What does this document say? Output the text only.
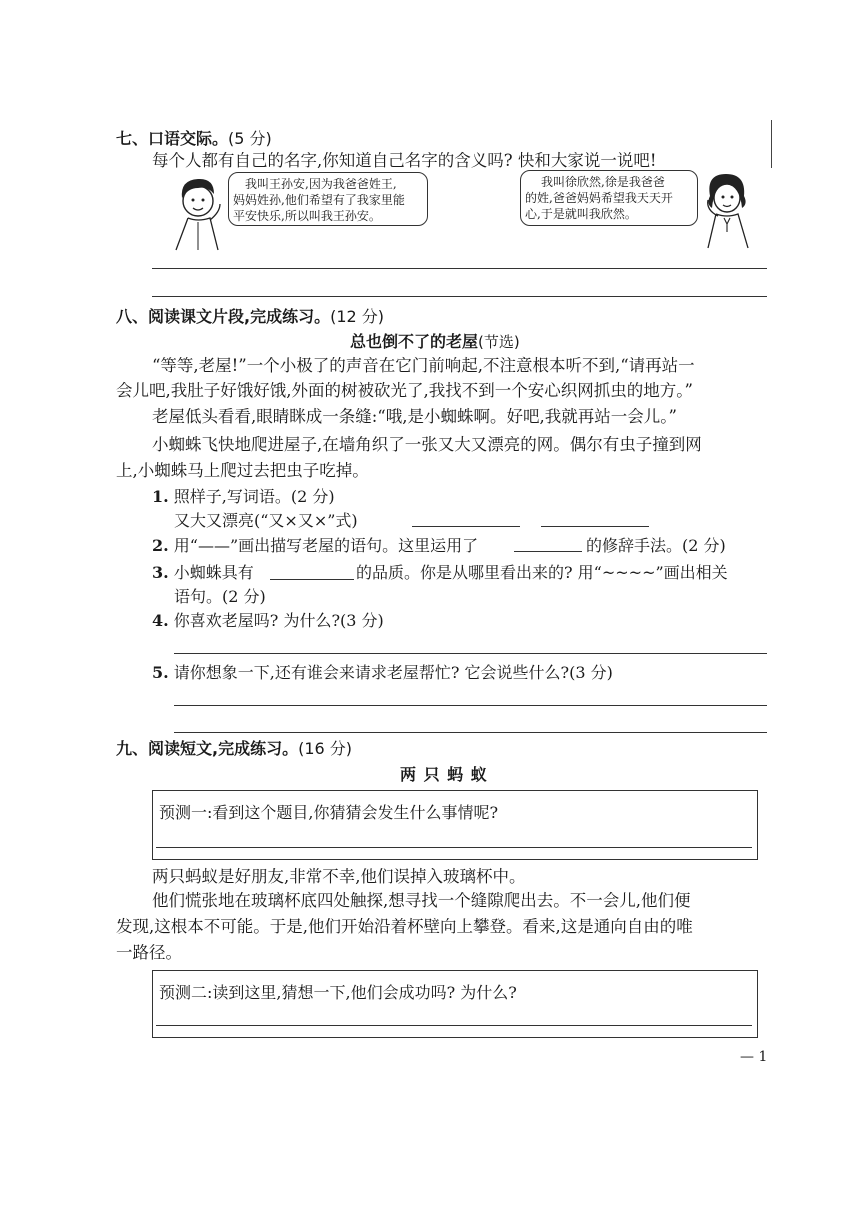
七、口语交际。(5 分)
每个人都有自己的名字,你知道自己名字的含义吗? 快和大家说一说吧!
我叫王孙安,因为我爸爸姓王,
妈妈姓孙,他们希望有了我家里能
平安快乐,所以叫我王孙安。
我叫徐欣然,徐是我爸爸
的姓,爸爸妈妈希望我天天开
心,于是就叫我欣然。
八、阅读课文片段,完成练习。(12 分)
总也倒不了的老屋(节选)
“等等,老屋!”一个小极了的声音在它门前响起,不注意根本听不到,“请再站一
会儿吧,我肚子好饿好饿,外面的树被砍光了,我找不到一个安心织网抓虫的地方。”
老屋低头看看,眼睛眯成一条缝:“哦,是小蜘蛛啊。好吧,我就再站一会儿。”
小蜘蛛飞快地爬进屋子,在墙角织了一张又大又漂亮的网。偶尔有虫子撞到网
上,小蜘蛛马上爬过去把虫子吃掉。
1. 照样子,写词语。(2 分)
又大又漂亮(“又×又×”式)
2. 用“——”画出描写老屋的语句。这里运用了	的修辞手法。(2 分)
3. 小蜘蛛具有	的品质。你是从哪里看出来的? 用“~~~~”画出相关
语句。(2 分)
4. 你喜欢老屋吗? 为什么?(3 分)
5. 请你想象一下,还有谁会来请求老屋帮忙? 它会说些什么?(3 分)
九、阅读短文,完成练习。(16 分)
两 只 蚂 蚁
预测一:看到这个题目,你猜猜会发生什么事情呢?
两只蚂蚁是好朋友,非常不幸,他们误掉入玻璃杯中。
他们慌张地在玻璃杯底四处触探,想寻找一个缝隙爬出去。不一会儿,他们便
发现,这根本不可能。于是,他们开始沿着杯壁向上攀登。看来,这是通向自由的唯
一路径。
预测二:读到这里,猜想一下,他们会成功吗? 为什么?
— 1
